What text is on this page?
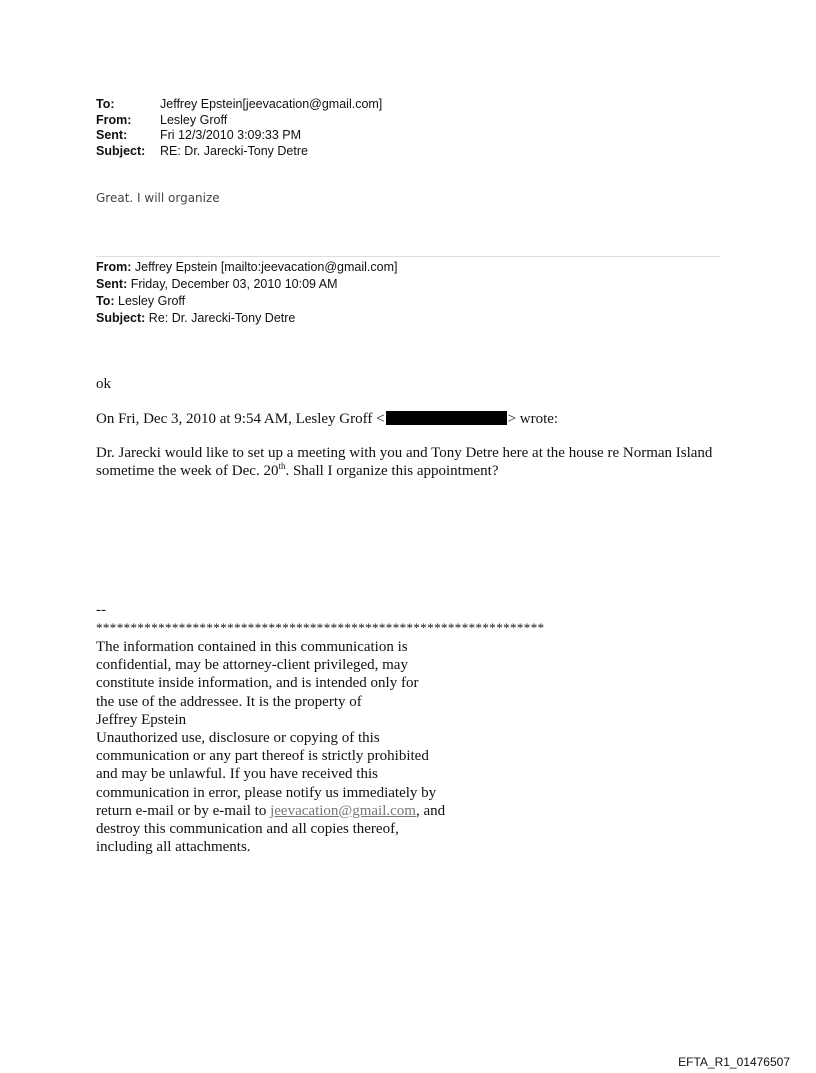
To:	Jeffrey Epstein[jeevacation@gmail.com]
From:	Lesley Groff
Sent:	Fri 12/3/2010 3:09:33 PM
Subject:	RE: Dr. Jarecki-Tony Detre
Great. I will organize
From: Jeffrey Epstein [mailto:jeevacation@gmail.com]
Sent: Friday, December 03, 2010 10:09 AM
To: Lesley Groff
Subject: Re: Dr. Jarecki-Tony Detre
ok
On Fri, Dec 3, 2010 at 9:54 AM, Lesley Groff <	> wrote:
Dr. Jarecki would like to set up a meeting with you and Tony Detre here at the house re Norman Island sometime the week of Dec. 20th. Shall I organize this appointment?
--
*****************************************************************
The information contained in this communication is
confidential, may be attorney-client privileged, may
constitute inside information, and is intended only for
the use of the addressee. It is the property of
Jeffrey Epstein
Unauthorized use, disclosure or copying of this
communication or any part thereof is strictly prohibited
and may be unlawful. If you have received this
communication in error, please notify us immediately by
return e-mail or by e-mail to jeevacation@gmail.com, and
destroy this communication and all copies thereof,
including all attachments.
EFTA_R1_01476507
